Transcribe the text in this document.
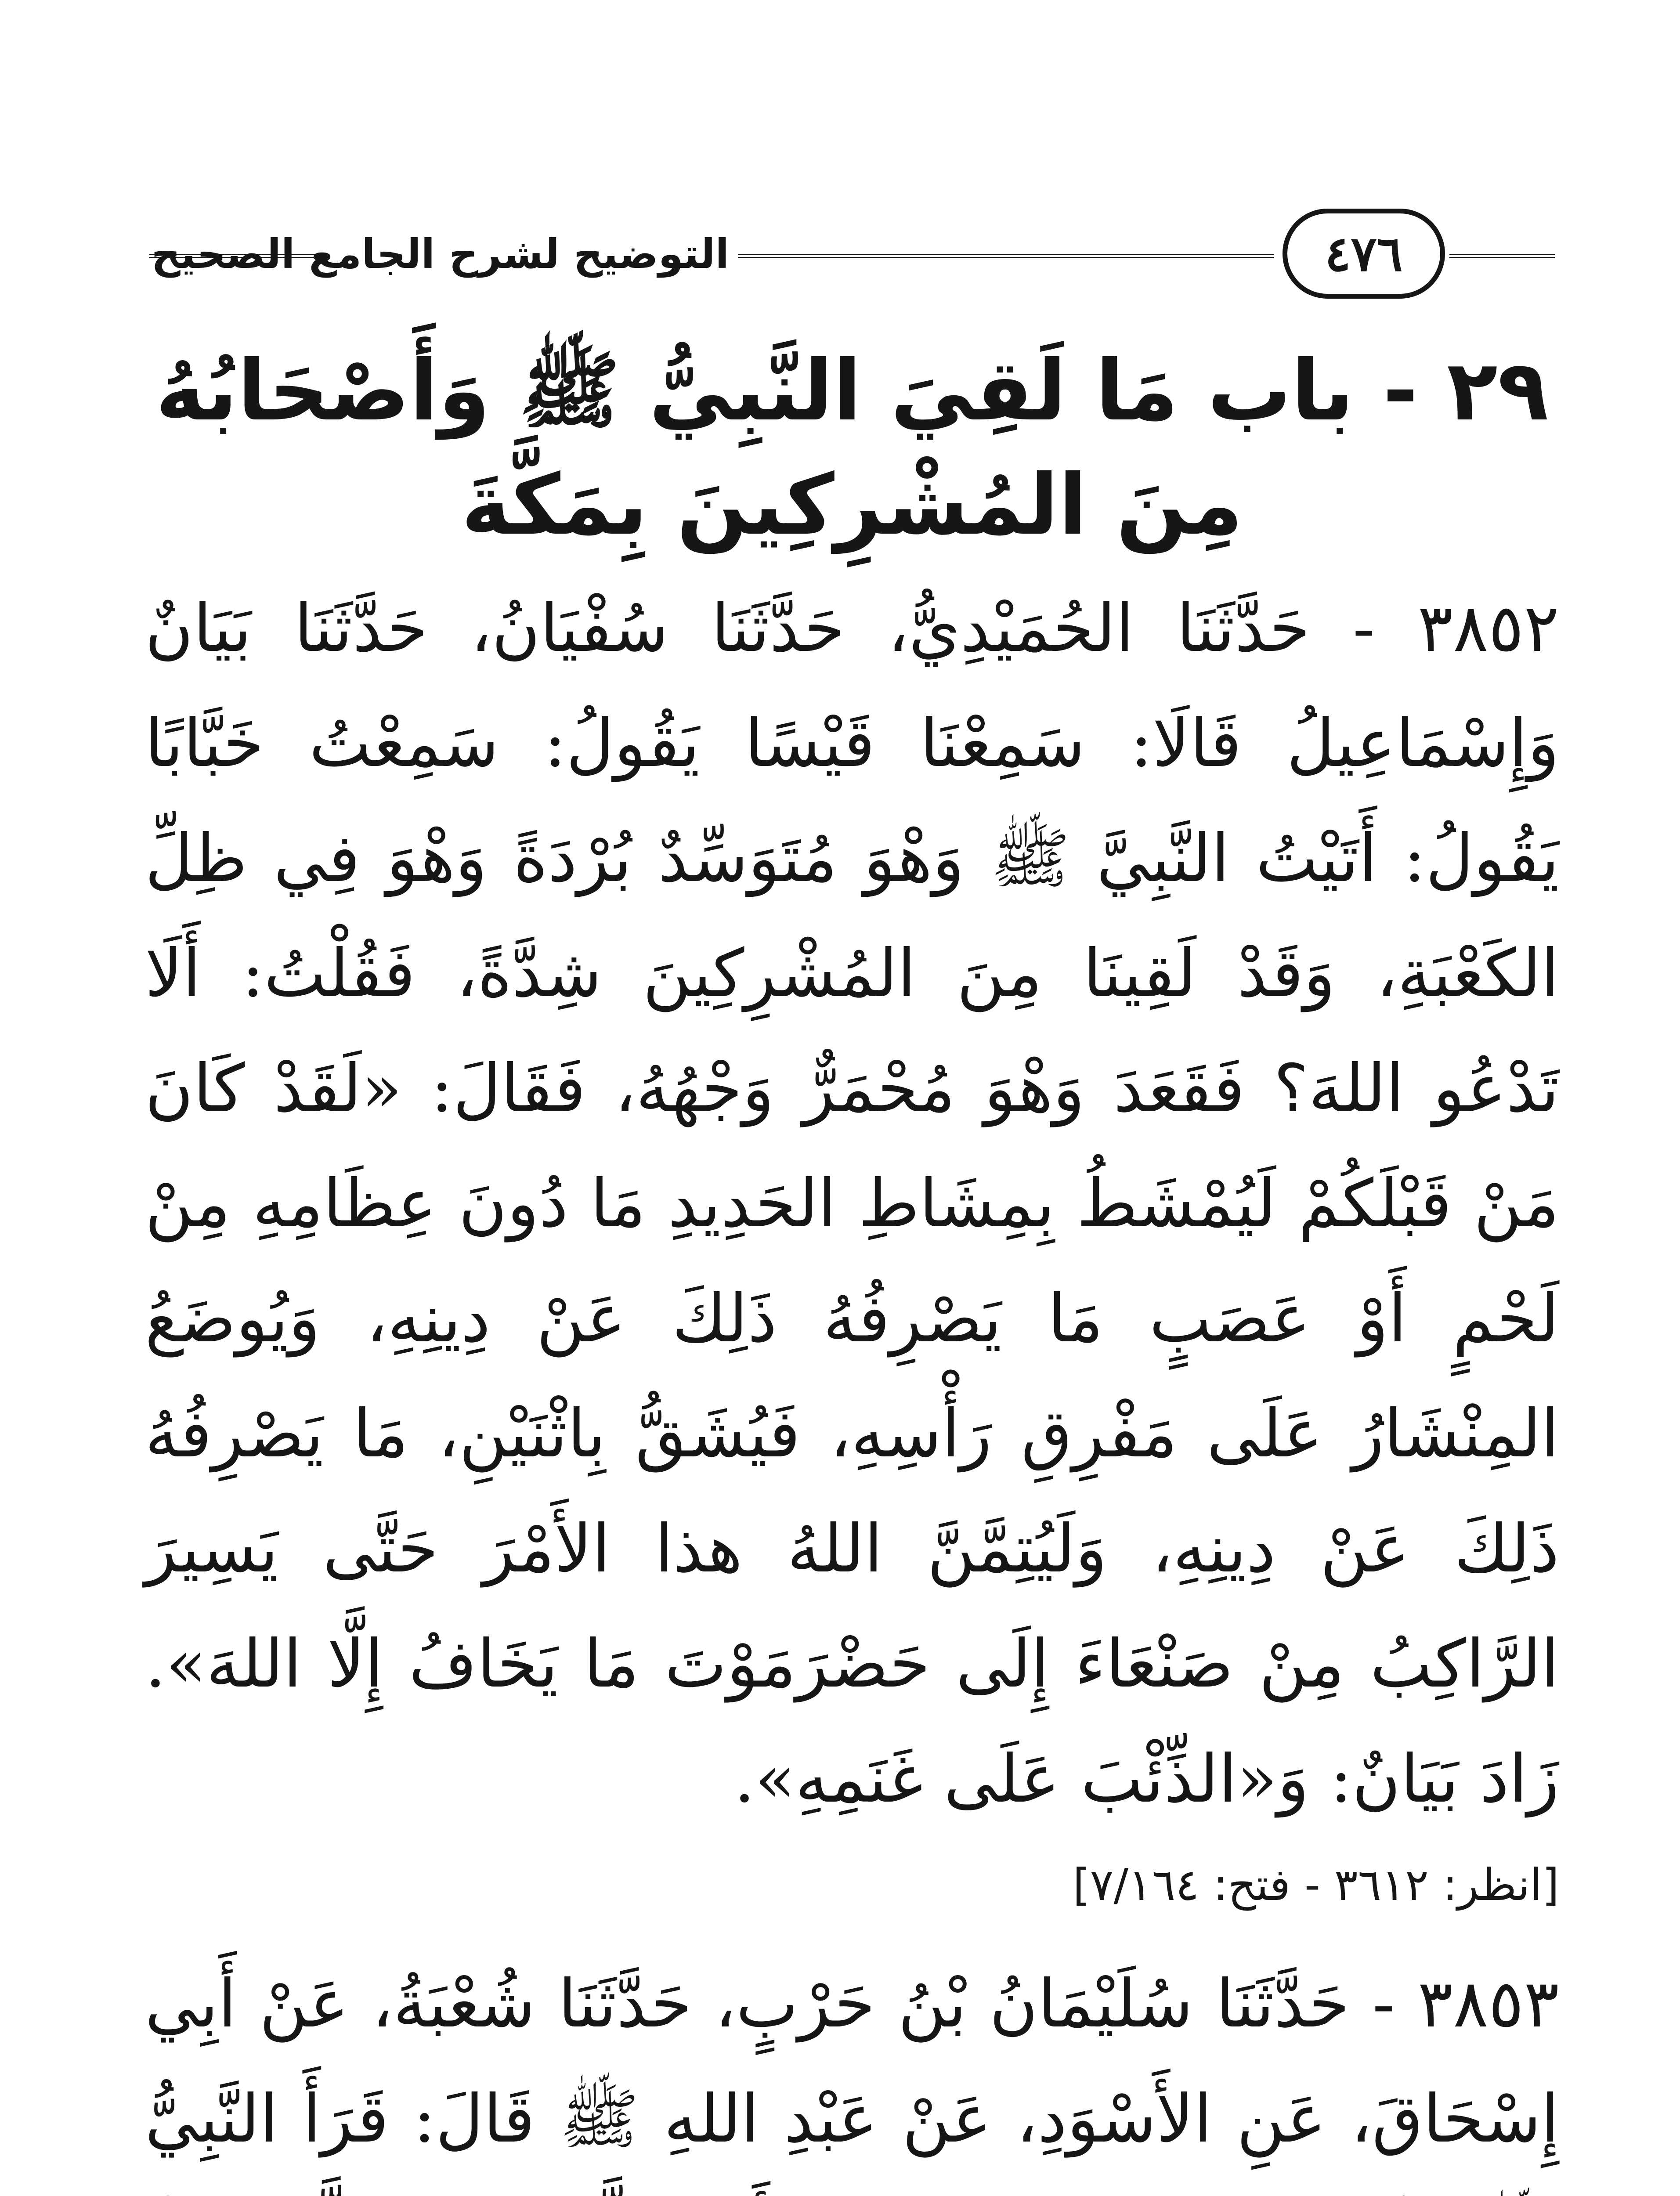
التوضيح لشرح الجامع الصحيح	٤٧٦
٢٩ - باب مَا لَقِيَ النَّبِيُّ ﷺ وَأَصْحَابُهُ
مِنَ المُشْرِكِينَ بِمَكَّةَ
٣٨٥٢ - حَدَّثَنَا الحُمَيْدِيُّ، حَدَّثَنَا سُفْيَانُ، حَدَّثَنَا بَيَانٌ وَإِسْمَاعِيلُ قَالَا: سَمِعْنَا قَيْسًا يَقُولُ: سَمِعْتُ خَبَّابًا يَقُولُ: أَتَيْتُ النَّبِيَّ ﷺ وَهْوَ مُتَوَسِّدٌ بُرْدَةً وَهْوَ فِي ظِلِّ الكَعْبَةِ، وَقَدْ لَقِينَا مِنَ المُشْرِكِينَ شِدَّةً، فَقُلْتُ: أَلَا تَدْعُو اللهَ؟ فَقَعَدَ وَهْوَ مُحْمَرٌّ وَجْهُهُ، فَقَالَ: «لَقَدْ كَانَ مَنْ قَبْلَكُمْ لَيُمْشَطُ بِمِشَاطِ الحَدِيدِ مَا دُونَ عِظَامِهِ مِنْ لَحْمٍ أَوْ عَصَبٍ مَا يَصْرِفُهُ ذَلِكَ عَنْ دِينِهِ، وَيُوضَعُ المِنْشَارُ عَلَى مَفْرِقِ رَأْسِهِ، فَيُشَقُّ بِاثْنَيْنِ، مَا يَصْرِفُهُ ذَلِكَ عَنْ دِينِهِ، وَلَيُتِمَّنَّ اللهُ هذا الأَمْرَ حَتَّى يَسِيرَ الرَّاكِبُ مِنْ صَنْعَاءَ إِلَى حَضْرَمَوْتَ مَا يَخَافُ إِلَّا اللهَ». زَادَ بَيَانٌ: وَ«الذِّئْبَ عَلَى غَنَمِهِ».
[انظر: ٣٦١٢ - فتح: ٧/١٦٤]
٣٨٥٣ - حَدَّثَنَا سُلَيْمَانُ بْنُ حَرْبٍ، حَدَّثَنَا شُعْبَةُ، عَنْ أَبِي إِسْحَاقَ، عَنِ الأَسْوَدِ، عَنْ عَبْدِ اللهِ ﷺ قَالَ: قَرَأَ النَّبِيُّ
